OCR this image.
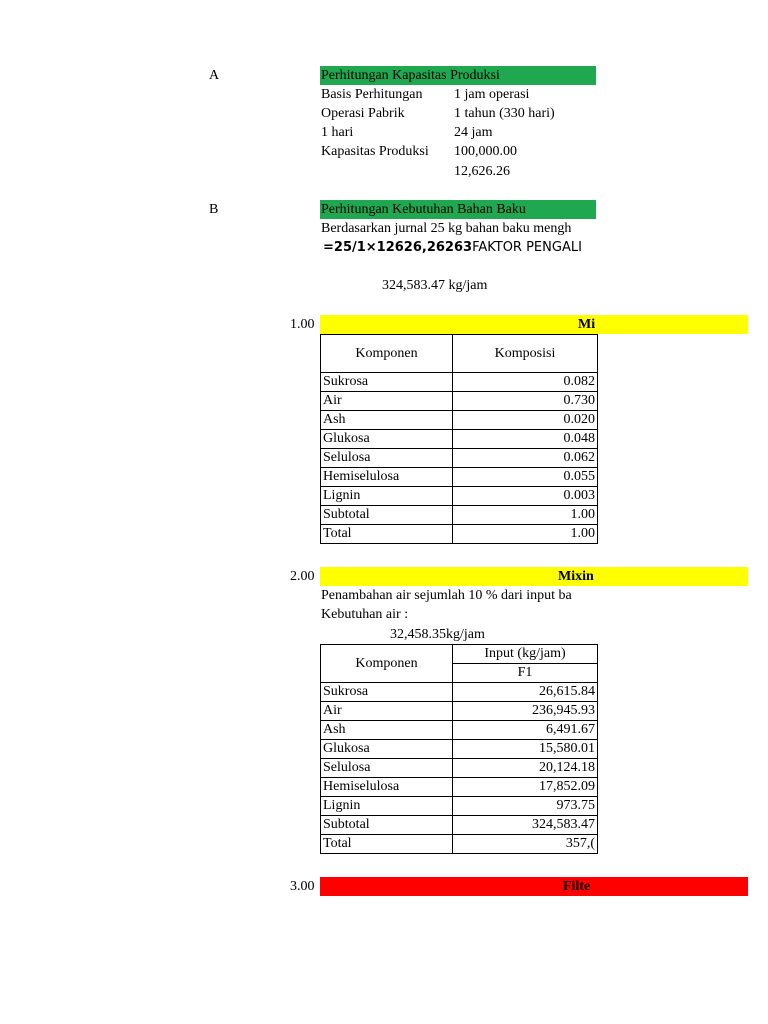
A	Perhitungan Kapasitas Produksi
Basis Perhitungan 1 jam operasi
Operasi Pabrik	1 tahun (330 hari)
1 hari	24 jam
Kapasitas Produksi 100,000.00
12,626.26
B	Perhitungan Kebutuhan Bahan Baku
Berdasarkan jurnal 25 kg bahan baku mengh
=25/1×12626,26263FAKTOR PENGALI
324,583.47 kg/jam
1.00	Mi
Komponen	Komposisi
Sukrosa	0.082
Air	0.730
Ash	0.020
Glukosa	0.048
Selulosa	0.062
Hemiselulosa	0.055
Lignin	0.003
Subtotal	1.00
Total	1.00
2.00	Mixin
Penambahan air sejumlah 10 % dari input ba
Kebutuhan air :
32,458.35kg/jam
Komponen	Input (kg/jam)
	F1
Sukrosa	26,615.84
Air	236,945.93
Ash	6,491.67
Glukosa	15,580.01
Selulosa	20,124.18
Hemiselulosa	17,852.09
Lignin	973.75
Subtotal	324,583.47
Total	357,(
3.00	Filte
